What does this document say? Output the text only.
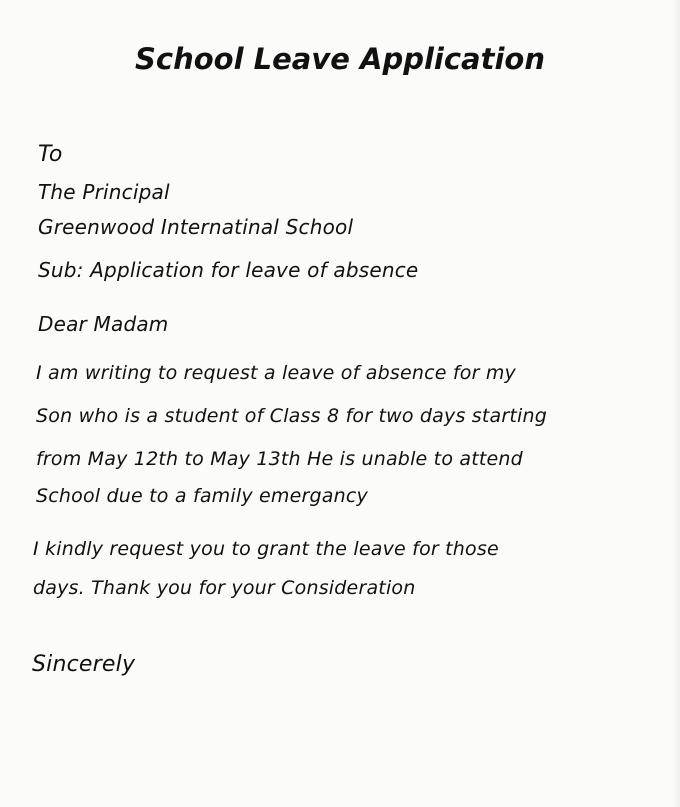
School Leave Application

To

The Principal

Greenwood Internatinal School

Sub: Application for leave of absence

Dear Madam

I am writing to request a leave of absence for my

Son who is a student of Class 8 for two days starting

from May 12th to May 13th He is unable to attend

School due to a family emergancy

I kindly request you to grant the leave for those

days. Thank you for your Consideration

Sincerely
